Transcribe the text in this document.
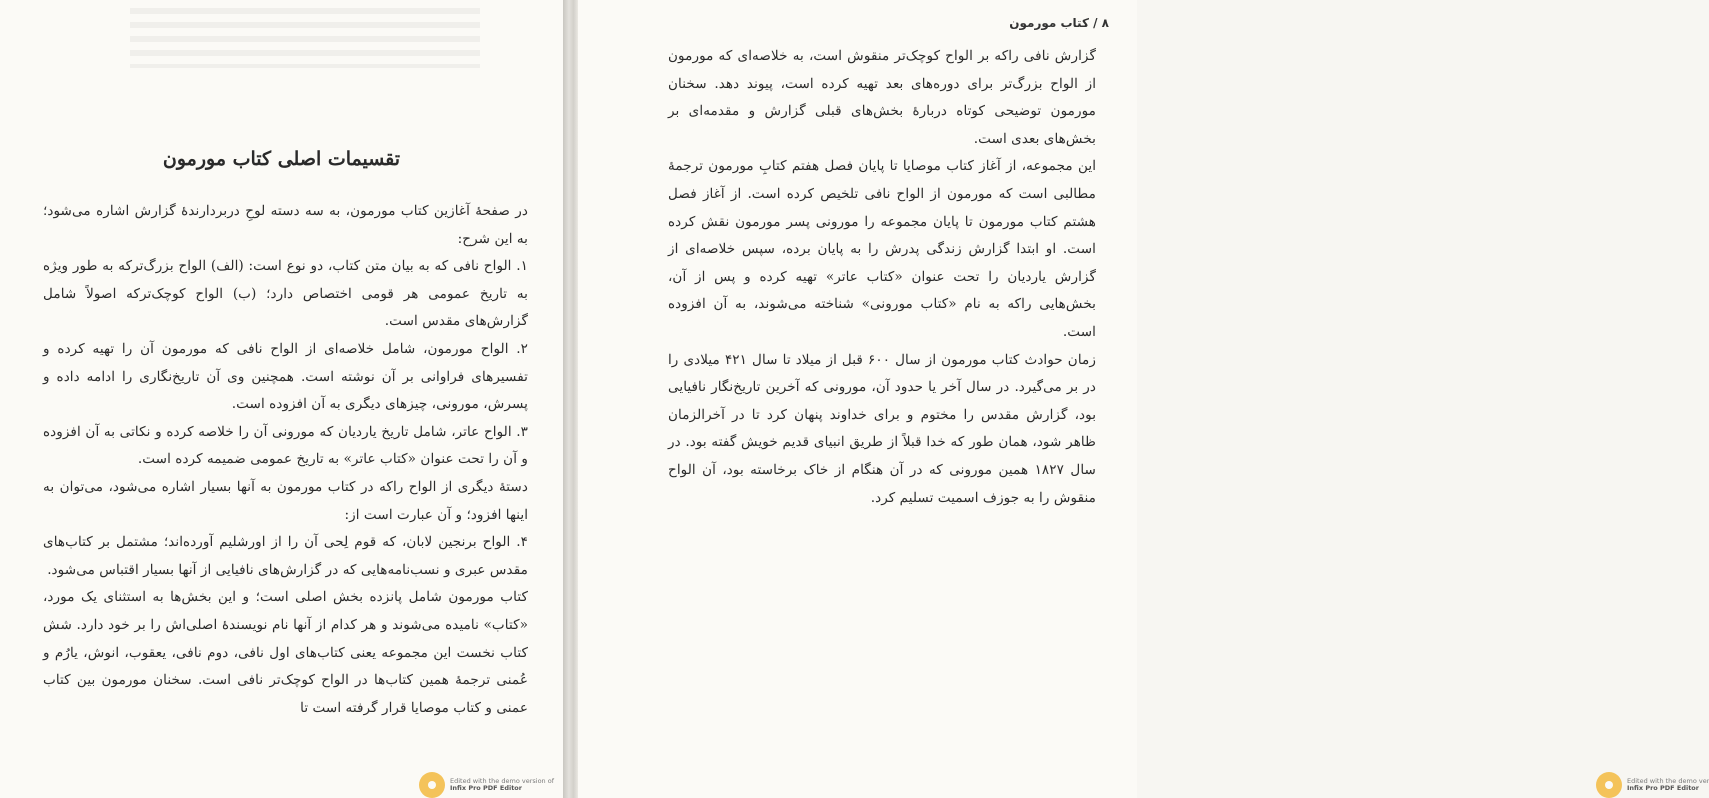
تقسیمات اصلی کتاب مورمون

در صفحهٔ آغازین کتاب مورمون، به سه دسته لوحِ دربردارندهٔ گزارش اشاره می‌شود؛ به این شرح:

۱. الواح نافی که به بیان متن کتاب، دو نوع است: (الف) الواح بزرگ‌ترکه به طور ویژه به تاریخ عمومی هر قومی اختصاص دارد؛ (ب) الواح کوچک‌ترکه اصولاً شامل گزارش‌های مقدس است.

۲. الواح مورمون، شامل خلاصه‌ای از الواح نافی که مورمون آن را تهیه کرده و تفسیرهای فراوانی بر آن نوشته است. همچنین وی آن تاریخ‌نگاری را ادامه داده و پسرش، مورونی، چیزهای دیگری به آن افزوده است.

۳. الواح عاتر، شامل تاریخ یاردیان که مورونی آن را خلاصه کرده و نکاتی به آن افزوده و آن را تحت عنوان «کتاب عاتر» به تاریخ عمومی ضمیمه کرده است.

دستهٔ دیگری از الواح راکه در کتاب مورمون به آنها بسیار اشاره می‌شود، می‌توان به اینها افزود؛ و آن عبارت است از:

۴. الواح برنجین لابان، که قوم لِحی آن را از اورشلیم آورده‌اند؛ مشتمل بر کتاب‌های مقدس عبری و نسب‌نامه‌هایی که در گزارش‌های نافیایی از آنها بسیار اقتباس می‌شود.

کتاب مورمون شامل پانزده بخش اصلی است؛ و این بخش‌ها به استثنای یک مورد، «کتاب» نامیده می‌شوند و هر کدام از آنها نام نویسندهٔ اصلی‌اش را بر خود دارد. شش کتاب نخست این مجموعه یعنی کتاب‌های اول نافی، دوم نافی، یعقوب، انوش، یارُم و عُمنی ترجمهٔ همین کتاب‌ها در الواح کوچک‌تر نافی است. سخنان مورمون بین کتاب عمنی و کتاب موصایا قرار گرفته است تا

Edited with the demo version of
Infix Pro PDF Editor
۸ / کتاب مورمون

گزارش نافی راکه بر الواح کوچک‌تر منقوش است، به خلاصه‌ای که مورمون از الواح بزرگ‌تر برای دوره‌های بعد تهیه کرده است، پیوند دهد. سخنان مورمون توضیحی کوتاه دربارهٔ بخش‌های قبلی گزارش و مقدمه‌ای بر بخش‌های بعدی است.

این مجموعه، از آغاز کتاب موصایا تا پایان فصل هفتم کتابِ مورمون ترجمهٔ مطالبی است که مورمون از الواح نافی تلخیص کرده است. از آغاز فصل هشتم کتاب مورمون تا پایان مجموعه را مورونی پسر مورمون نقش کرده است. او ابتدا گزارش زندگی پدرش را به پایان برده، سپس خلاصه‌ای از گزارش یاردیان را تحت عنوان «کتاب عاتر» تهیه کرده و پس از آن، بخش‌هایی راکه به نام «کتاب مورونی» شناخته می‌شوند، به آن افزوده است.

زمان حوادث کتاب مورمون از سال ۶۰۰ قبل از میلاد تا سال ۴۲۱ میلادی را در بر می‌گیرد. در سال آخر یا حدود آن، مورونی که آخرین تاریخ‌نگار نافیایی بود، گزارش مقدس را مختوم و برای خداوند پنهان کرد تا در آخرالزمان ظاهر شود، همان طور که خدا قبلاً از طریق انبیای قدیم خویش گفته بود. در سال ۱۸۲۷ همین مورونی که در آن هنگام از خاک برخاسته بود، آن الواح منقوش را به جوزف اسمیت تسلیم کرد.

Edited with the demo ver
Infix Pro PDF Editor
